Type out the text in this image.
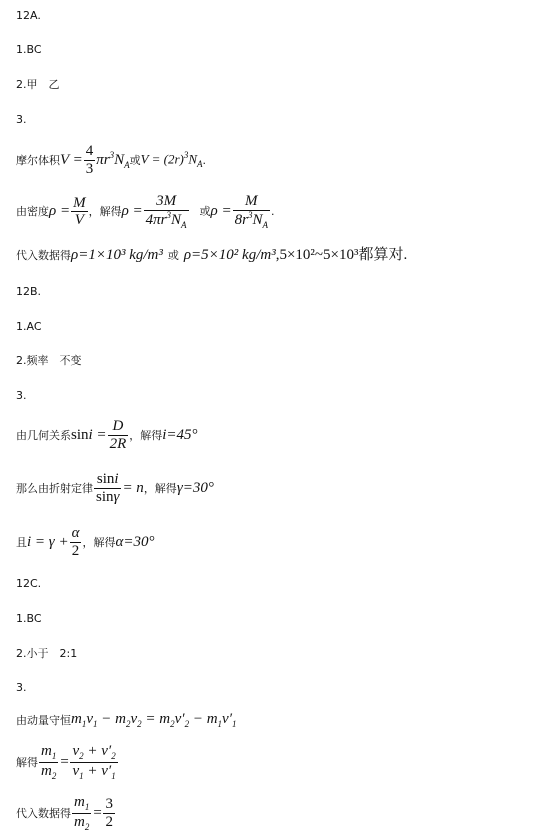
12A.
1.BC
2.甲　乙
3.
摩尔体积 $V = \frac{4}{3} \pi r^3N_A$ 或 $V = (2r)^3N_A$ .
由密度 $\rho = \frac{M}{V}$ ，解得 $\rho = \frac{3M}{4\pi r^3N_A}$ 或 $\rho = \frac{M}{8r^3N_A}$ .
代入数据得 ρ=1×10³ kg/m³ 或 ρ=5×10² kg/m³ ,5×10²~5×10³都算对.
12B.
1.AC
2.频率　不变
3.
由几何关系 $\sin i = \frac{D}{2R}$ ，解得 i=45°
那么由折射定律 $\frac{\sin i}{\sin\gamma} = n$ ，解得 γ=30°
且 $i = \gamma + \frac{\alpha}{2}$ ，解得 α=30°
12C.
1.BC
2.小于　2:1
3.
由动量守恒 $m_1v_1 - m_2v_2 = m_2v'_2 - m_1v'_1$
解得 $\frac{m_1}{m_2} = \frac{v_2 + v'_2}{v_1 + v'_1}$
代入数据得 $\frac{m_1}{m_2} = \frac{3}{2}$
